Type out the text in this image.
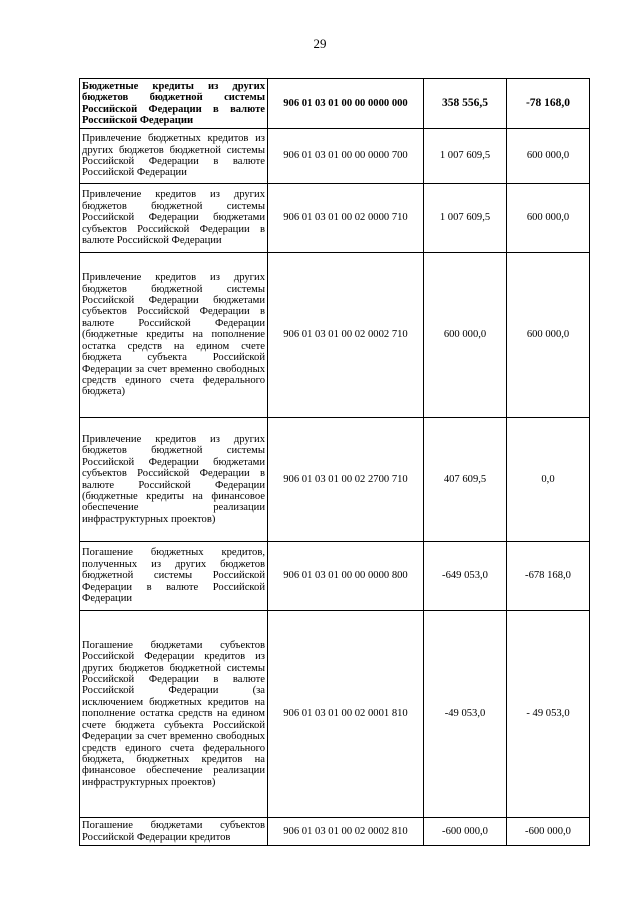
29
Бюджетные кредиты из других бюджетов бюджетной системы Российской Федерации в валюте Российской Федерации	906 01 03 01 00 00 0000 000	358 556,5	-78 168,0
Привлечение бюджетных кредитов из других бюджетов бюджетной системы Российской Федерации в валюте Российской Федерации	906 01 03 01 00 00 0000 700	1 007 609,5	600 000,0
Привлечение кредитов из других бюджетов бюджетной системы Российской Федерации бюджетами субъектов Российской Федерации в валюте Российской Федерации	906 01 03 01 00 02 0000 710	1 007 609,5	600 000,0
Привлечение кредитов из других бюджетов бюджетной системы Российской Федерации бюджетами субъектов Российской Федерации в валюте Российской Федерации (бюджетные кредиты на пополнение остатка средств на едином счете бюджета субъекта Российской Федерации за счет временно свободных средств единого счета федерального бюджета)	906 01 03 01 00 02 0002 710	600 000,0	600 000,0
Привлечение кредитов из других бюджетов бюджетной системы Российской Федерации бюджетами субъектов Российской Федерации в валюте Российской Федерации (бюджетные кредиты на финансовое обеспечение реализации инфраструктурных проектов)	906 01 03 01 00 02 2700 710	407 609,5	0,0
Погашение бюджетных кредитов, полученных из других бюджетов бюджетной системы Российской Федерации в валюте Российской Федерации	906 01 03 01 00 00 0000 800	-649 053,0	-678 168,0
Погашение бюджетами субъектов Российской Федерации кредитов из других бюджетов бюджетной системы Российской Федерации в валюте Российской Федерации (за исключением бюджетных кредитов на пополнение остатка средств на едином счете бюджета субъекта Российской Федерации за счет временно свободных средств единого счета федерального бюджета, бюджетных кредитов на финансовое обеспечение реализации инфраструктурных проектов)	906 01 03 01 00 02 0001 810	-49 053,0	- 49 053,0
Погашение бюджетами субъектов Российской Федерации кредитов	906 01 03 01 00 02 0002 810	-600 000,0	-600 000,0
